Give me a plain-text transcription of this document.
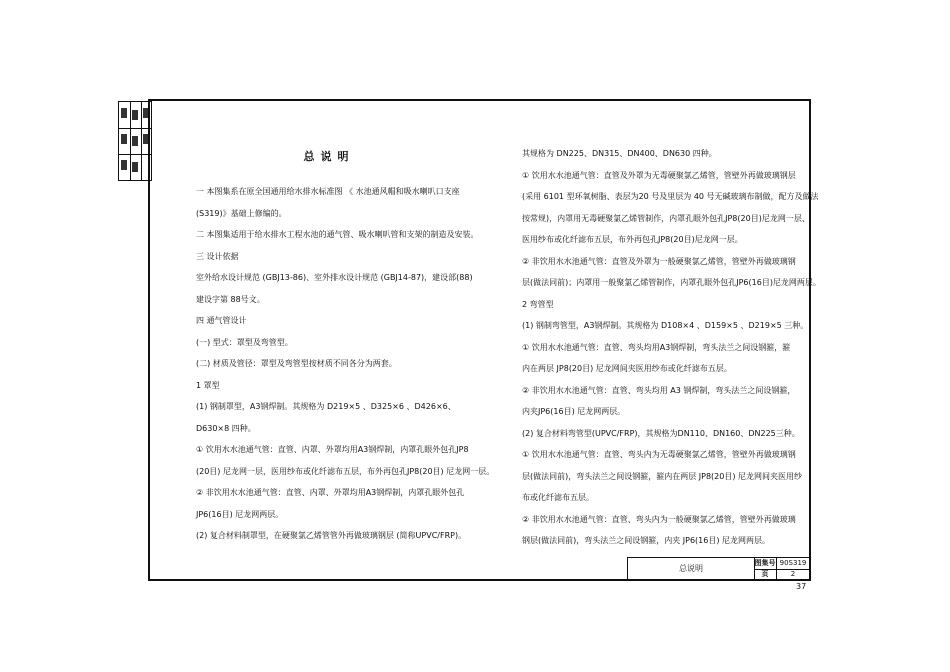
总说明
一 本图集系在原全国通用给水排水标准图 《 水池通风帽和吸水喇叭口支座
(S319)》基础上修编的。
二 本图集适用于给水排水工程水池的通气管、吸水喇叭管和支架的制造及安装。
三 设计依据
室外给水设计规范 (GBJ13-86)、室外排水设计规范 (GBJ14-87)，建设部(88)
建设字第 88号文。
四 通气管设计
(一) 型式：罩型及弯管型。
(二) 材质及管径：罩型及弯管型按材质不同各分为两套。
1 罩型
(1) 钢制罩型，A3钢焊制。其规格为 D219×5 、D325×6 、D426×6、
D630×8 四种。
① 饮用水水池通气管：直管、内罩、外罩均用A3钢焊制，内罩孔眼外包孔JP8
(20目) 尼龙网一层，医用纱布或化纤滤布五层，布外再包孔JP8(20目) 尼龙网一层。
② 非饮用水水池通气管：直管、内罩、外罩均用A3钢焊制，内罩孔眼外包孔
JP6(16目) 尼龙网两层。
(2) 复合材料制罩型，在硬聚氯乙烯管管外再做玻璃钢层 (简称UPVC/FRP)。
其规格为 DN225、DN315、DN400、DN630 四种。
① 饮用水水池通气管：直管及外罩为无毒硬聚氯乙烯管，管壁外再做玻璃钢层
(采用 6101 型环氧树脂、表层为20 号及里层为 40 号无碱玻璃布制做，配方及做法
按常规)，内罩用无毒硬聚氯乙烯管制作，内罩孔眼外包孔JP8(20目)尼龙网一层、
医用纱布或化纤滤布五层，布外再包孔JP8(20目)尼龙网一层。
② 非饮用水水池通气管：直管及外罩为一般硬聚氯乙烯管，管壁外再做玻璃钢
层(做法同前)；内罩用一般聚氯乙烯管制作，内罩孔眼外包孔JP6(16目)尼龙网两层。
2 弯管型
(1) 钢制弯管型，A3钢焊制。其规格为 D108×4 、D159×5 、D219×5 三种。
① 饮用水水池通气管：直管、弯头均用A3钢焊制，弯头法兰之间设钢箍，箍
内在两层 JP8(20目) 尼龙网间夹医用纱布或化纤滤布五层。
② 非饮用水水池通气管：直管、弯头均用 A3 钢焊制，弯头法兰之间设钢箍，
内夹JP6(16目) 尼龙网两层。
(2) 复合材料弯管型(UPVC/FRP)，其规格为DN110、DN160、DN225三种。
① 饮用水水池通气管：直管、弯头内为无毒硬聚氯乙烯管，管壁外再做玻璃钢
层(做法同前)，弯头法兰之间设钢箍，箍内在两层 JP8(20目) 尼龙网间夹医用纱
布或化纤滤布五层。
② 非饮用水水池通气管：直管、弯头内为一般硬聚氯乙烯管，管壁外再做玻璃
钢层(做法同前)，弯头法兰之间设钢箍，内夹 JP6(16目) 尼龙网两层。
总说明
图集号 90S319
页	2
37
